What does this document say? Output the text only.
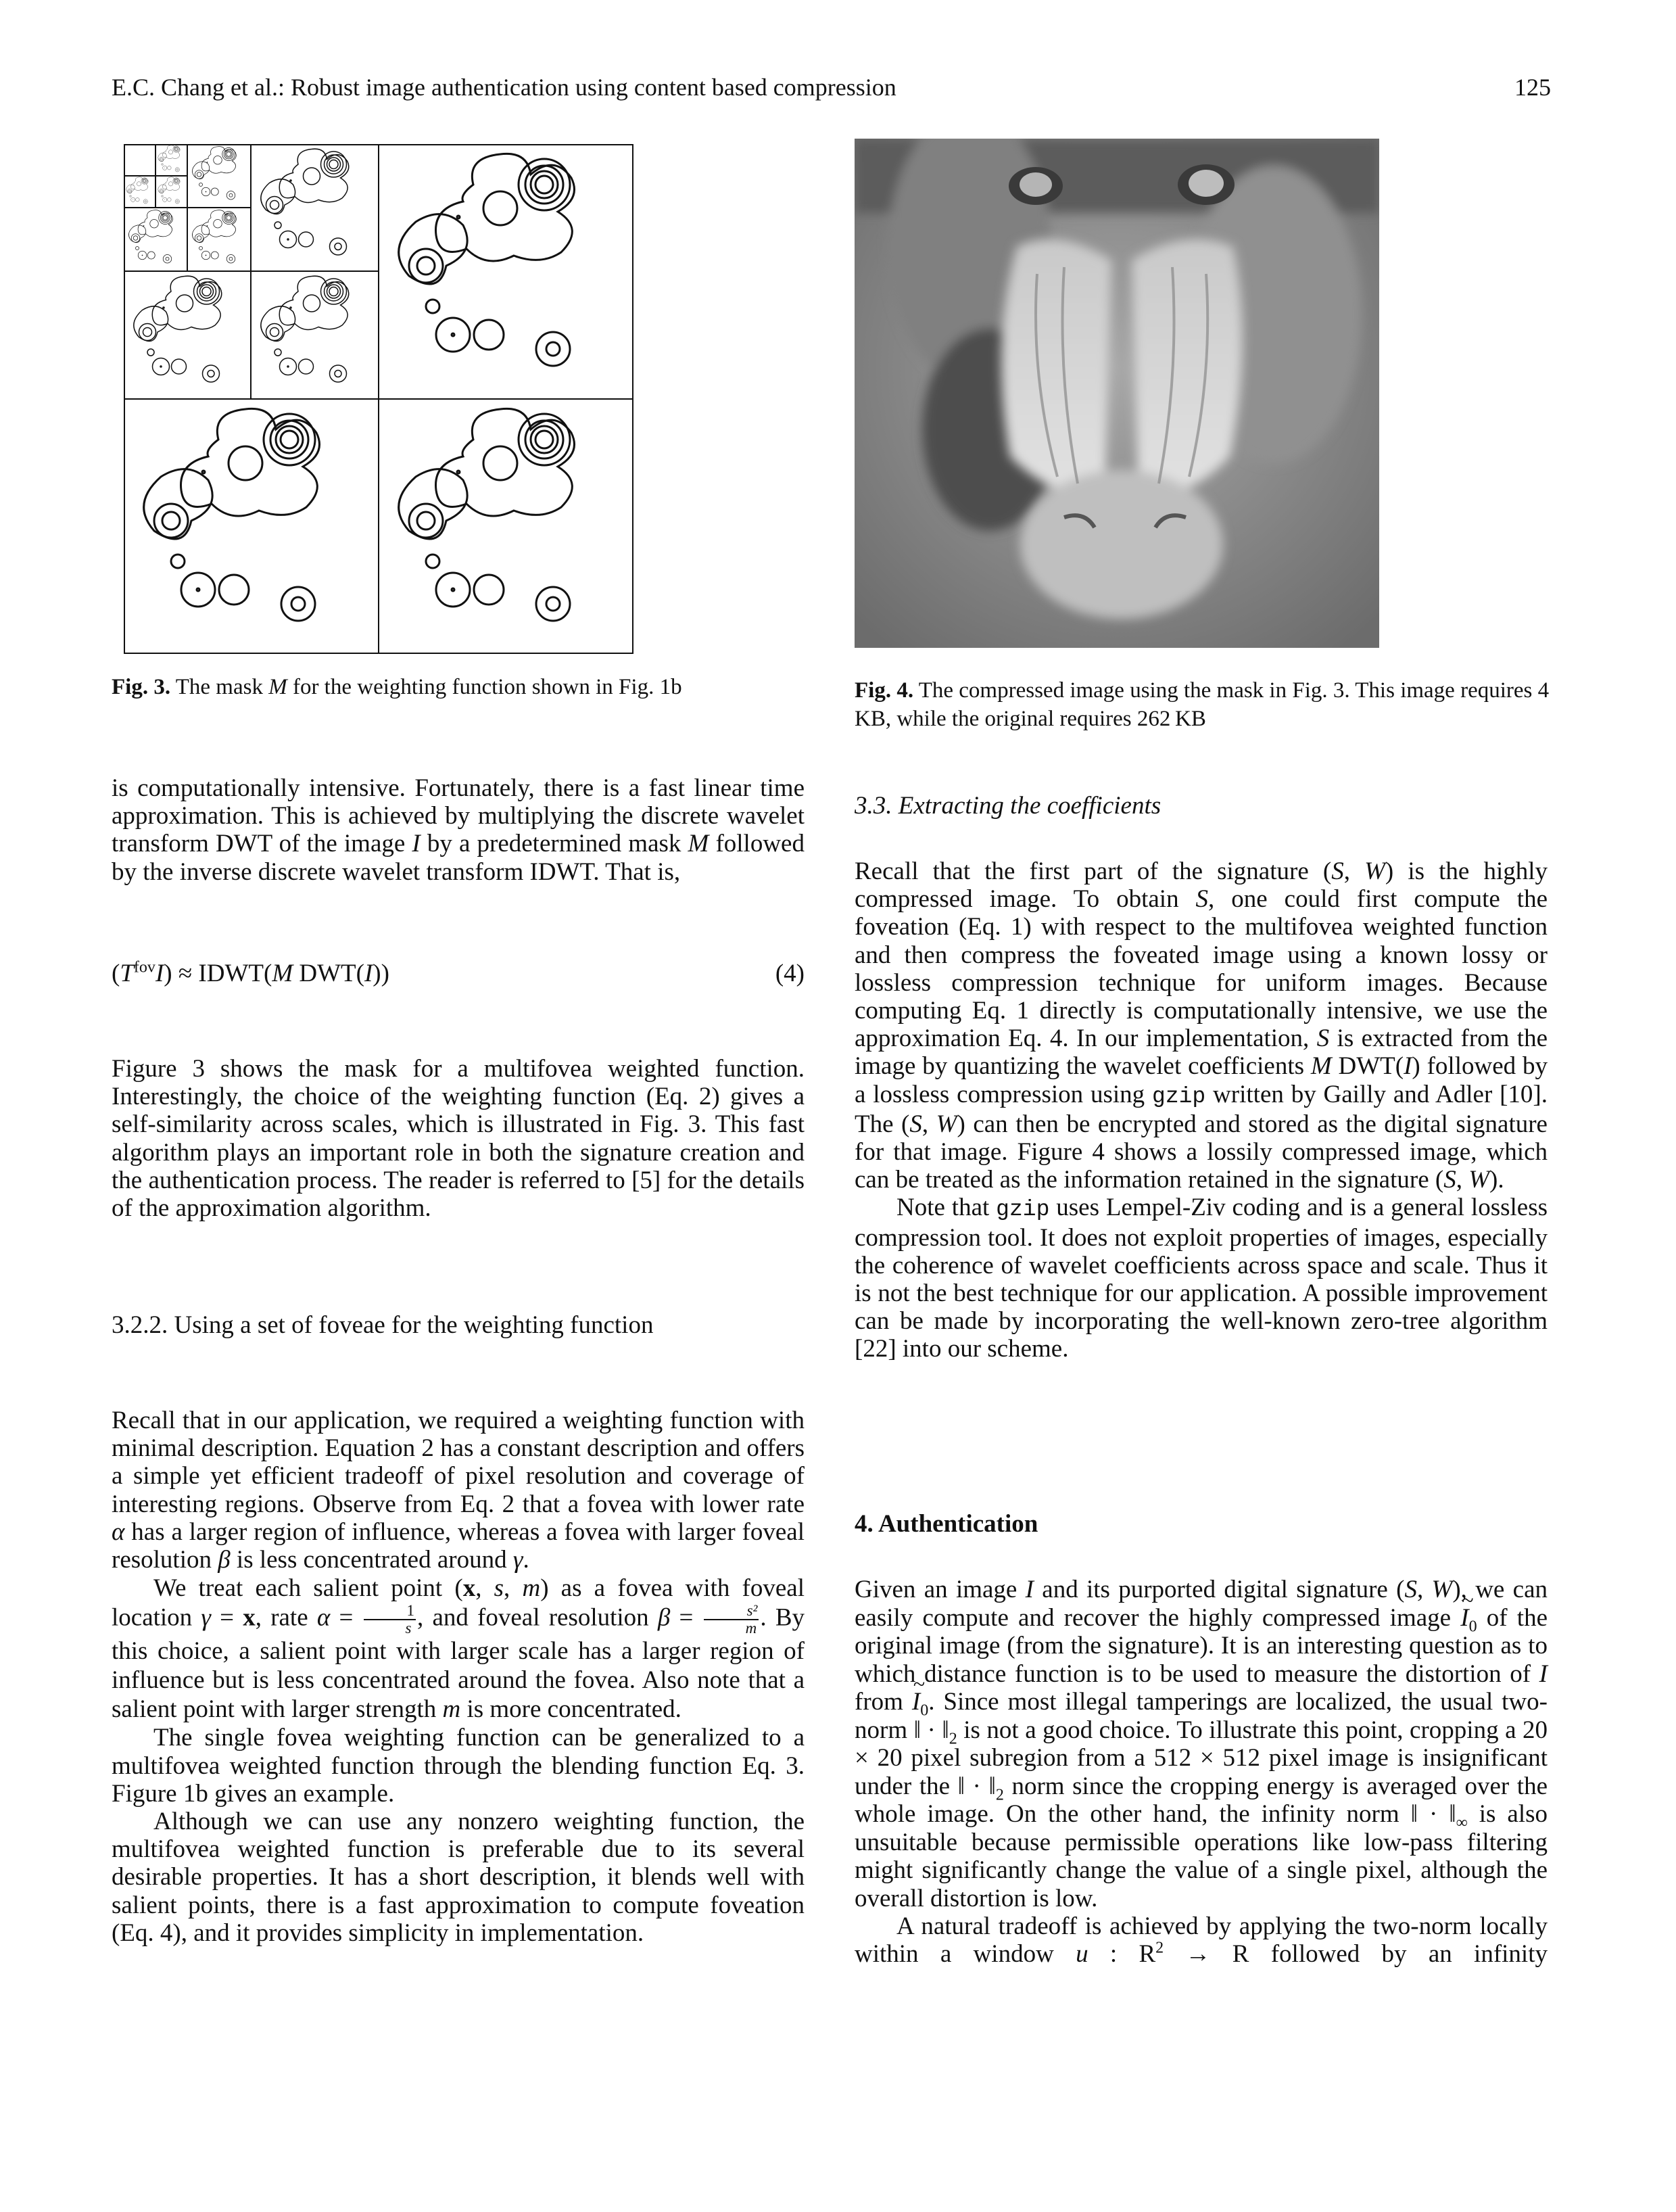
E.C. Chang et al.: Robust image authentication using content based compression	125
Fig. 3. The mask M for the weighting function shown in Fig. 1b	Fig. 4. The compressed image using the mask in Fig. 3. This image requires 4 KB, while the original requires 262 KB

is computationally intensive. Fortunately, there is a fast linear time approximation. This is achieved by multiplying the discrete wavelet transform DWT of the image I by a predetermined mask M followed by the inverse discrete wavelet transform IDWT. That is,

$(T^{fov}I)$ ≈ IDWT(M DWT(I))	(4)

Figure 3 shows the mask for a multifovea weighted function. Interestingly, the choice of the weighting function (Eq. 2) gives a self-similarity across scales, which is illustrated in Fig. 3. This fast algorithm plays an important role in both the signature creation and the authentication process. The reader is referred to [5] for the details of the approximation algorithm.

3.2.2. Using a set of foveae for the weighting function

Recall that in our application, we required a weighting function with minimal description. Equation 2 has a constant description and offers a simple yet efficient tradeoff of pixel resolution and coverage of interesting regions. Observe from Eq. 2 that a fovea with lower rate α has a larger region of influence, whereas a fovea with larger foveal resolution β is less concentrated around γ.

We treat each salient point (x, s, m) as a fovea with foveal location γ = x, rate $\alpha = \frac{1}{s}$ , and foveal resolution $\beta = \frac{\text{s²}}{m}$ . By this choice, a salient point with larger scale has a larger region of influence but is less concentrated around the fovea. Also note that a salient point with larger strength m is more concentrated.

The single fovea weighting function can be generalized to a multifovea weighted function through the blending function Eq. 3. Figure 1b gives an example.

Although we can use any nonzero weighting function, the multifovea weighted function is preferable due to its several desirable properties. It has a short description, it blends well with salient points, there is a fast approximation to compute foveation (Eq. 4), and it provides simplicity in implementation.

3.3. Extracting the coefficients

Recall that the first part of the signature (S, W) is the highly compressed image. To obtain S, one could first compute the foveation (Eq. 1) with respect to the multifovea weighted function and then compress the foveated image using a known lossy or lossless compression technique for uniform images. Because computing Eq. 1 directly is computationally intensive, we use the approximation Eq. 4. In our implementation, S is extracted from the image by quantizing the wavelet coefficients M DWT(I) followed by a lossless compression using gzip written by Gailly and Adler [10]. The (S, W) can then be encrypted and stored as the digital signature for that image. Figure 4 shows a lossily compressed image, which can be treated as the information retained in the signature (S, W).

Note that gzip uses Lempel-Ziv coding and is a general lossless compression tool. It does not exploit properties of images, especially the coherence of wavelet coefficients across space and scale. Thus it is not the best technique for our application. A possible improvement can be made by incorporating the well-known zero-tree algorithm [22] into our scheme.

4. Authentication

Given an image I and its purported digital signature (S, W), we can easily compute and recover the highly compressed image ~ $I_0$ of the original image (from the signature). It is an interesting question as to which distance function is to be used to measure the distortion of I from ~ $I_0$. Since most illegal tamperings are localized, the usual two-norm ‖ · $‖_2$ is not a good choice. To illustrate this point, cropping a 20 × 20 pixel subregion from a 512 × 512 pixel image is insignificant under the ‖ · $‖_2$ norm since the cropping energy is averaged over the whole image. On the other hand, the infinity norm ‖ · $‖_\infty$ is also unsuitable because permissible operations like low-pass filtering might significantly change the value of a single pixel, although the overall distortion is low.

A natural tradeoff is achieved by applying the two-norm locally within a window u : $R^2 \to R$ followed by an infinity
